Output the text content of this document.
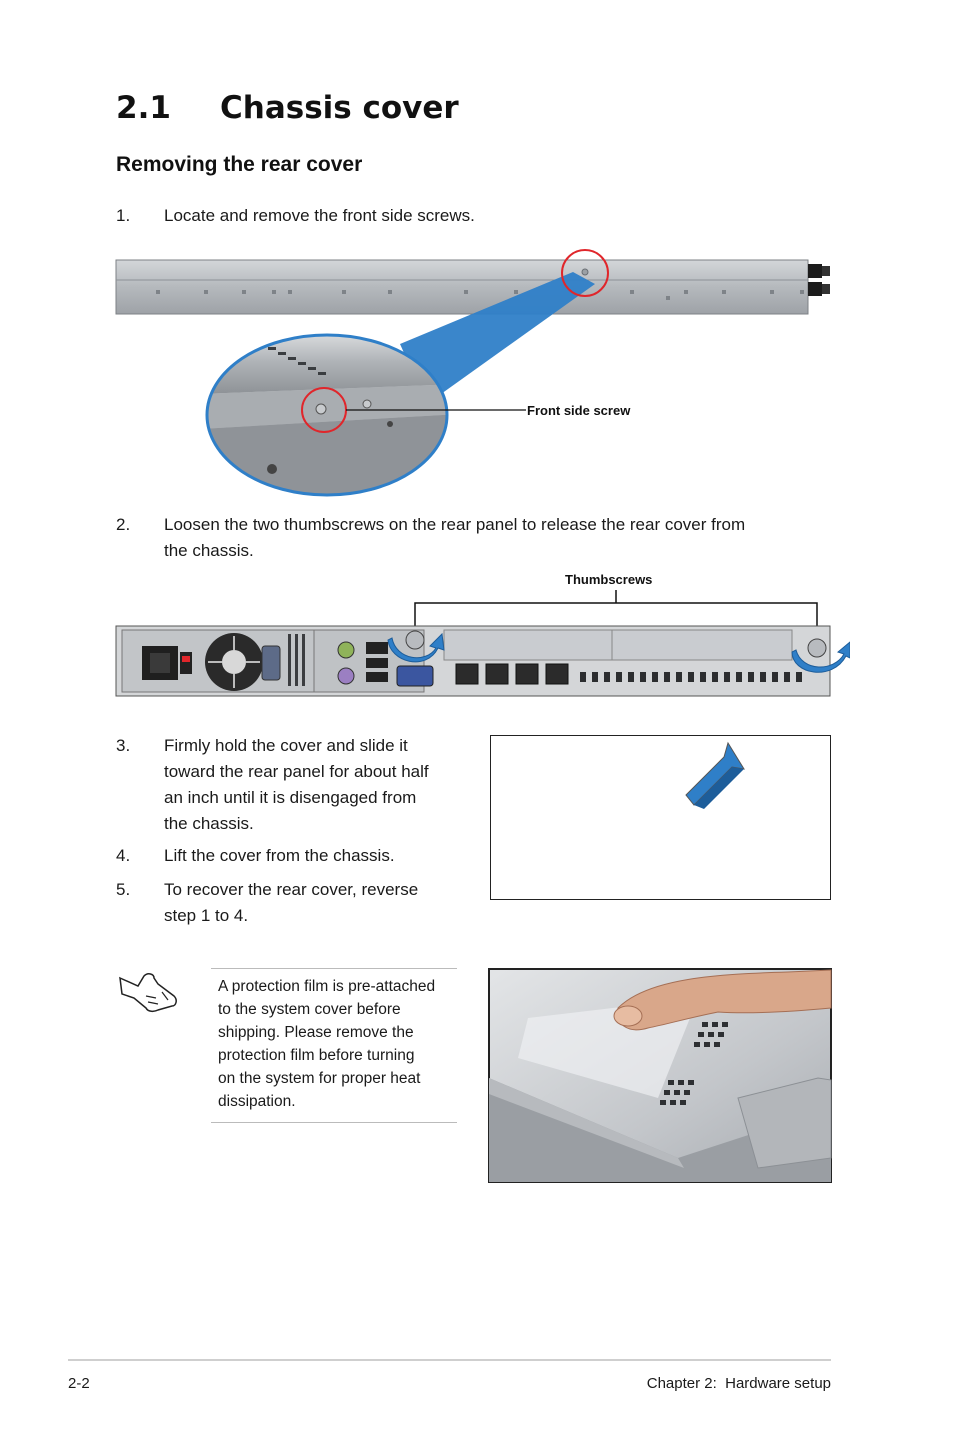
2.1 Chassis cover
Removing the rear cover
1. Locate and remove the front side screws.
Front side screw
2. Loosen the two thumbscrews on the rear panel to release the rear cover from
the chassis.
Thumbscrews
3. Firmly hold the cover and slide it
toward the rear panel for about half
an inch until it is disengaged from
the chassis.
4. Lift the cover from the chassis.
5. To recover the rear cover, reverse
step 1 to 4.
A protection film is pre-attached
to the system cover before
shipping. Please remove the
protection film before turning
on the system for proper heat
dissipation.
2-2	Chapter 2:  Hardware setup
